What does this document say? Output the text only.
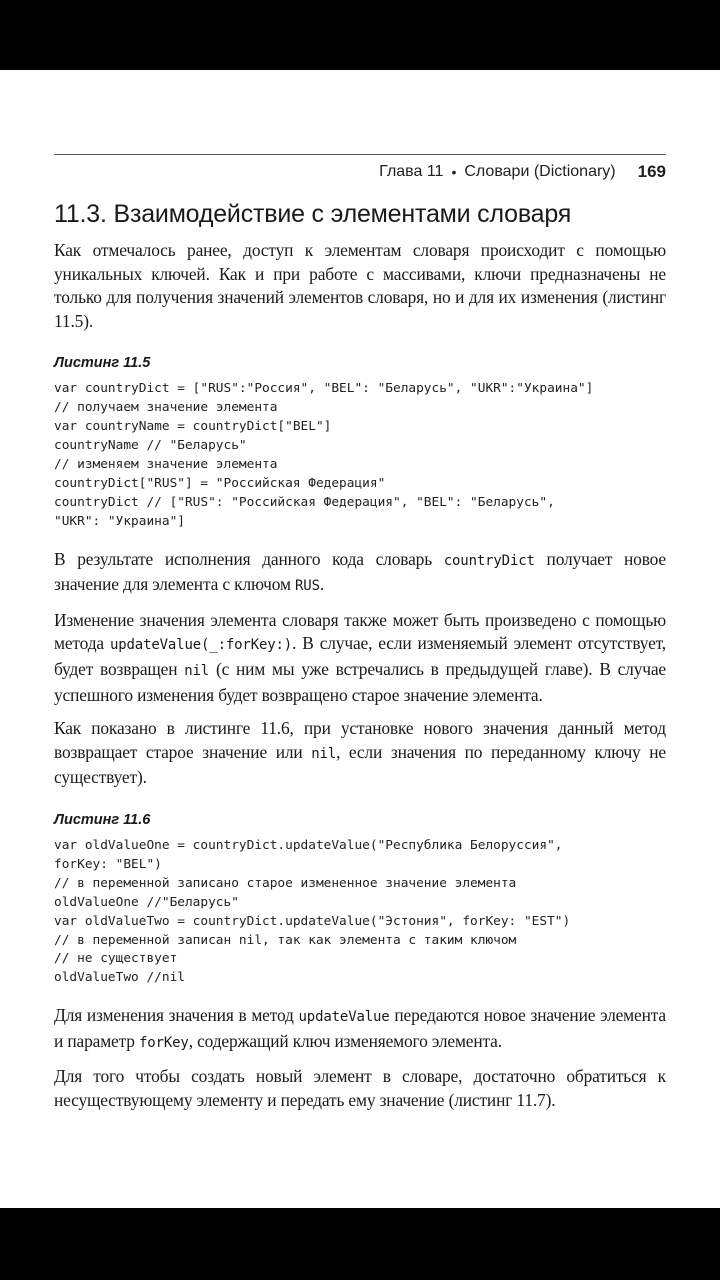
Глава 11 • Словари (Dictionary) 169
11.3. Взаимодействие с элементами словаря

Как отмечалось ранее, доступ к элементам словаря происходит с помощью уникальных ключей. Как и при работе с массивами, ключи предназначены не только для получения значений элементов словаря, но и для их изменения (листинг 11.5).

Листинг 11.5
var countryDict = ["RUS":"Россия", "BEL": "Беларусь", "UKR":"Украина"]
// получаем значение элемента
var countryName = countryDict["BEL"]
countryName // "Беларусь"
// изменяем значение элемента
countryDict["RUS"] = "Российская Федерация"
countryDict // ["RUS": "Российская Федерация", "BEL": "Беларусь",
"UKR": "Украина"]

В результате исполнения данного кода словарь countryDict получает новое значение для элемента с ключом RUS.

Изменение значения элемента словаря также может быть произведено с помощью метода updateValue(_:forKey:). В случае, если изменяемый элемент отсутствует, будет возвращен nil (с ним мы уже встречались в предыдущей главе). В случае успешного изменения будет возвращено старое значение элемента.

Как показано в листинге 11.6, при установке нового значения данный метод возвращает старое значение или nil, если значения по переданному ключу не существует).

Листинг 11.6
var oldValueOne = countryDict.updateValue("Республика Белоруссия",
forKey: "BEL")
// в переменной записано старое измененное значение элемента
oldValueOne //"Беларусь"
var oldValueTwo = countryDict.updateValue("Эстония", forKey: "EST")
// в переменной записан nil, так как элемента с таким ключом
// не существует
oldValueTwo //nil

Для изменения значения в метод updateValue передаются новое значение элемента и параметр forKey, содержащий ключ изменяемого элемента.

Для того чтобы создать новый элемент в словаре, достаточно обратиться к несуществующему элементу и передать ему значение (листинг 11.7).
